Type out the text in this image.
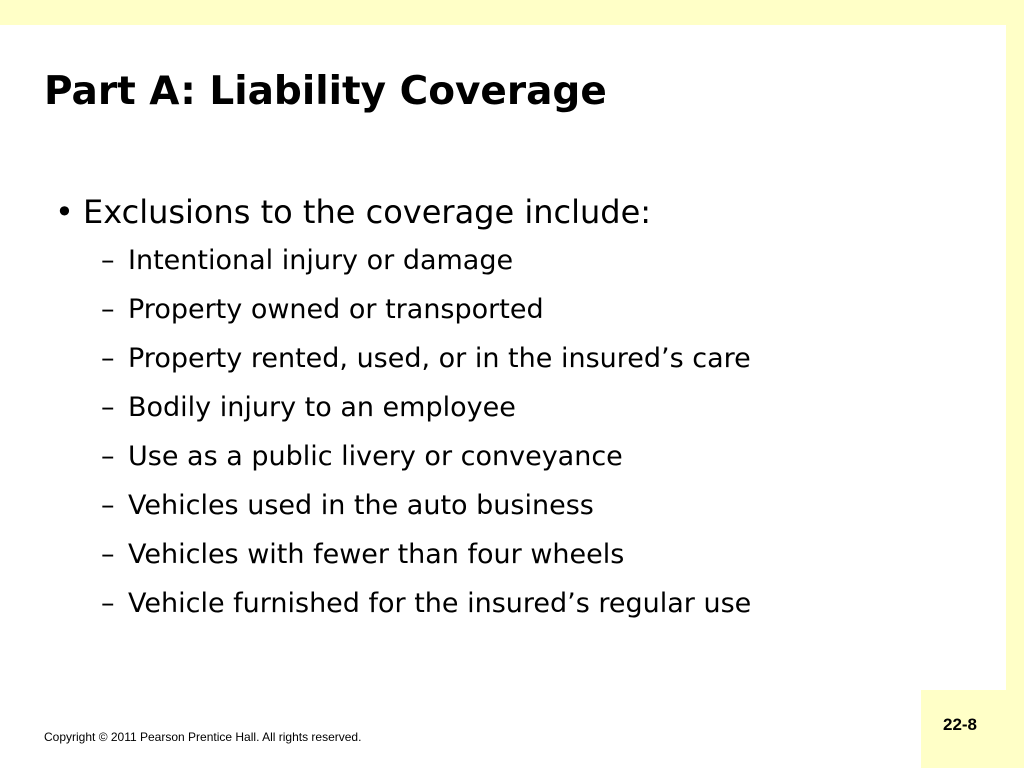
Part A: Liability Coverage
• Exclusions to the coverage include:
– Intentional injury or damage
– Property owned or transported
– Property rented, used, or in the insured’s care
– Bodily injury to an employee
– Use as a public livery or conveyance
– Vehicles used in the auto business
– Vehicles with fewer than four wheels
– Vehicle furnished for the insured’s regular use
Copyright © 2011 Pearson Prentice Hall. All rights reserved.
22-8
